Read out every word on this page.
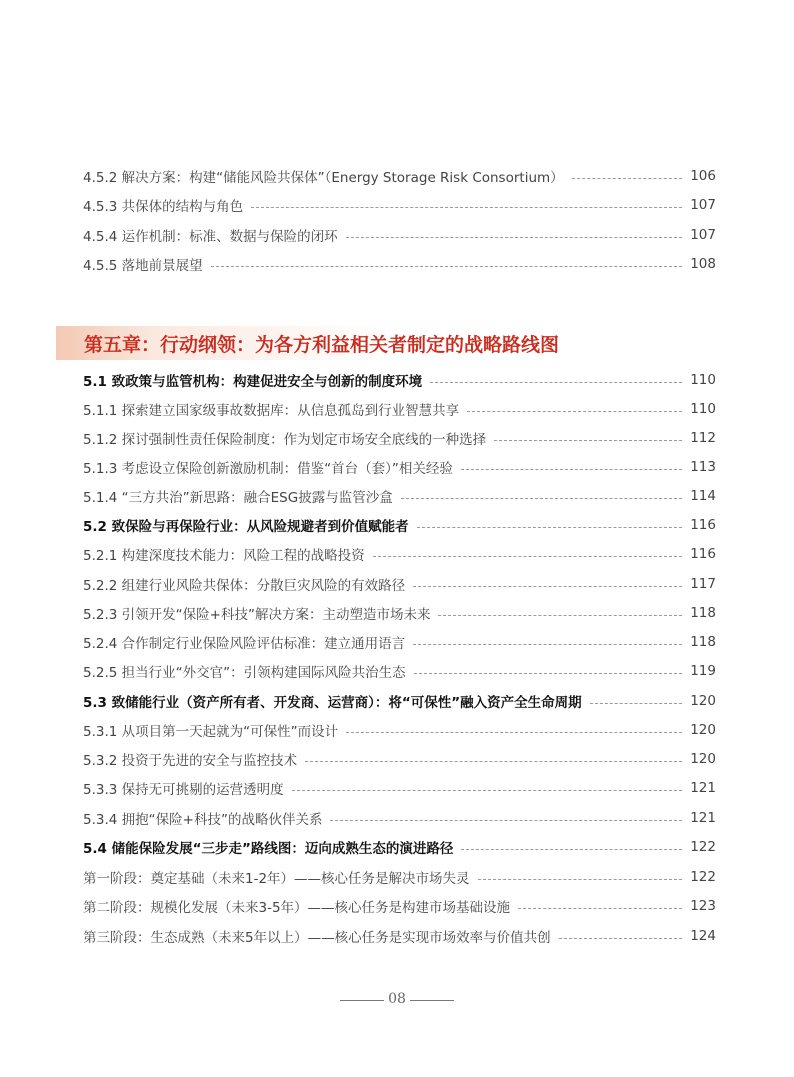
4.5.2 解决方案：构建“储能风险共保体”（Energy Storage Risk Consortium）	106
4.5.3 共保体的结构与角色	107
4.5.4 运作机制：标准、数据与保险的闭环	107
4.5.5 落地前景展望	108
第五章：行动纲领：为各方利益相关者制定的战略路线图
5.1 致政策与监管机构：构建促进安全与创新的制度环境	110
5.1.1 探索建立国家级事故数据库：从信息孤岛到行业智慧共享	110
5.1.2 探讨强制性责任保险制度：作为划定市场安全底线的一种选择	112
5.1.3 考虑设立保险创新激励机制：借鉴“首台（套）”相关经验	113
5.1.4 “三方共治”新思路：融合ESG披露与监管沙盒	114
5.2 致保险与再保险行业：从风险规避者到价值赋能者	116
5.2.1 构建深度技术能力：风险工程的战略投资	116
5.2.2 组建行业风险共保体：分散巨灾风险的有效路径	117
5.2.3 引领开发“保险+科技”解决方案：主动塑造市场未来	118
5.2.4 合作制定行业保险风险评估标准：建立通用语言	118
5.2.5 担当行业“外交官”：引领构建国际风险共治生态	119
5.3 致储能行业（资产所有者、开发商、运营商）：将“可保性”融入资产全生命周期	120
5.3.1 从项目第一天起就为“可保性”而设计	120
5.3.2 投资于先进的安全与监控技术	120
5.3.3 保持无可挑剔的运营透明度	121
5.3.4 拥抱“保险+科技”的战略伙伴关系	121
5.4 储能保险发展“三步走”路线图：迈向成熟生态的演进路径	122
第一阶段：奠定基础（未来1-2年）——核心任务是解决市场失灵	122
第二阶段：规模化发展（未来3-5年）——核心任务是构建市场基础设施	123
第三阶段：生态成熟（未来5年以上）——核心任务是实现市场效率与价值共创	124
08
